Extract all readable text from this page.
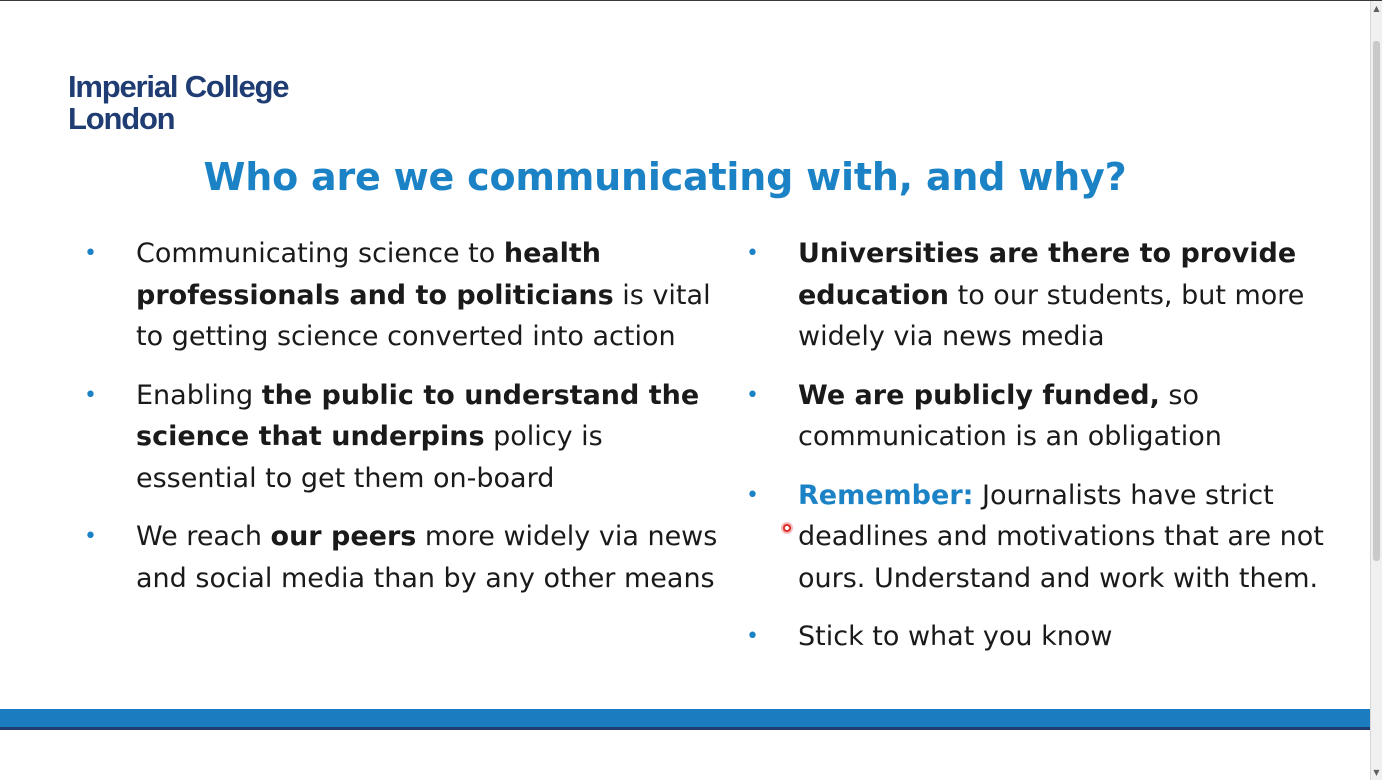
Imperial College
London
Who are we communicating with, and why?
• Communicating science to health professionals and to politicians is vital to getting science converted into action
• Enabling the public to understand the science that underpins policy is essential to get them on-board
• We reach our peers more widely via news and social media than by any other means
• Universities are there to provide education to our students, but more widely via news media
• We are publicly funded, so communication is an obligation
• Remember: Journalists have strict deadlines and motivations that are not ours. Understand and work with them.
• Stick to what you know
▲
▼
